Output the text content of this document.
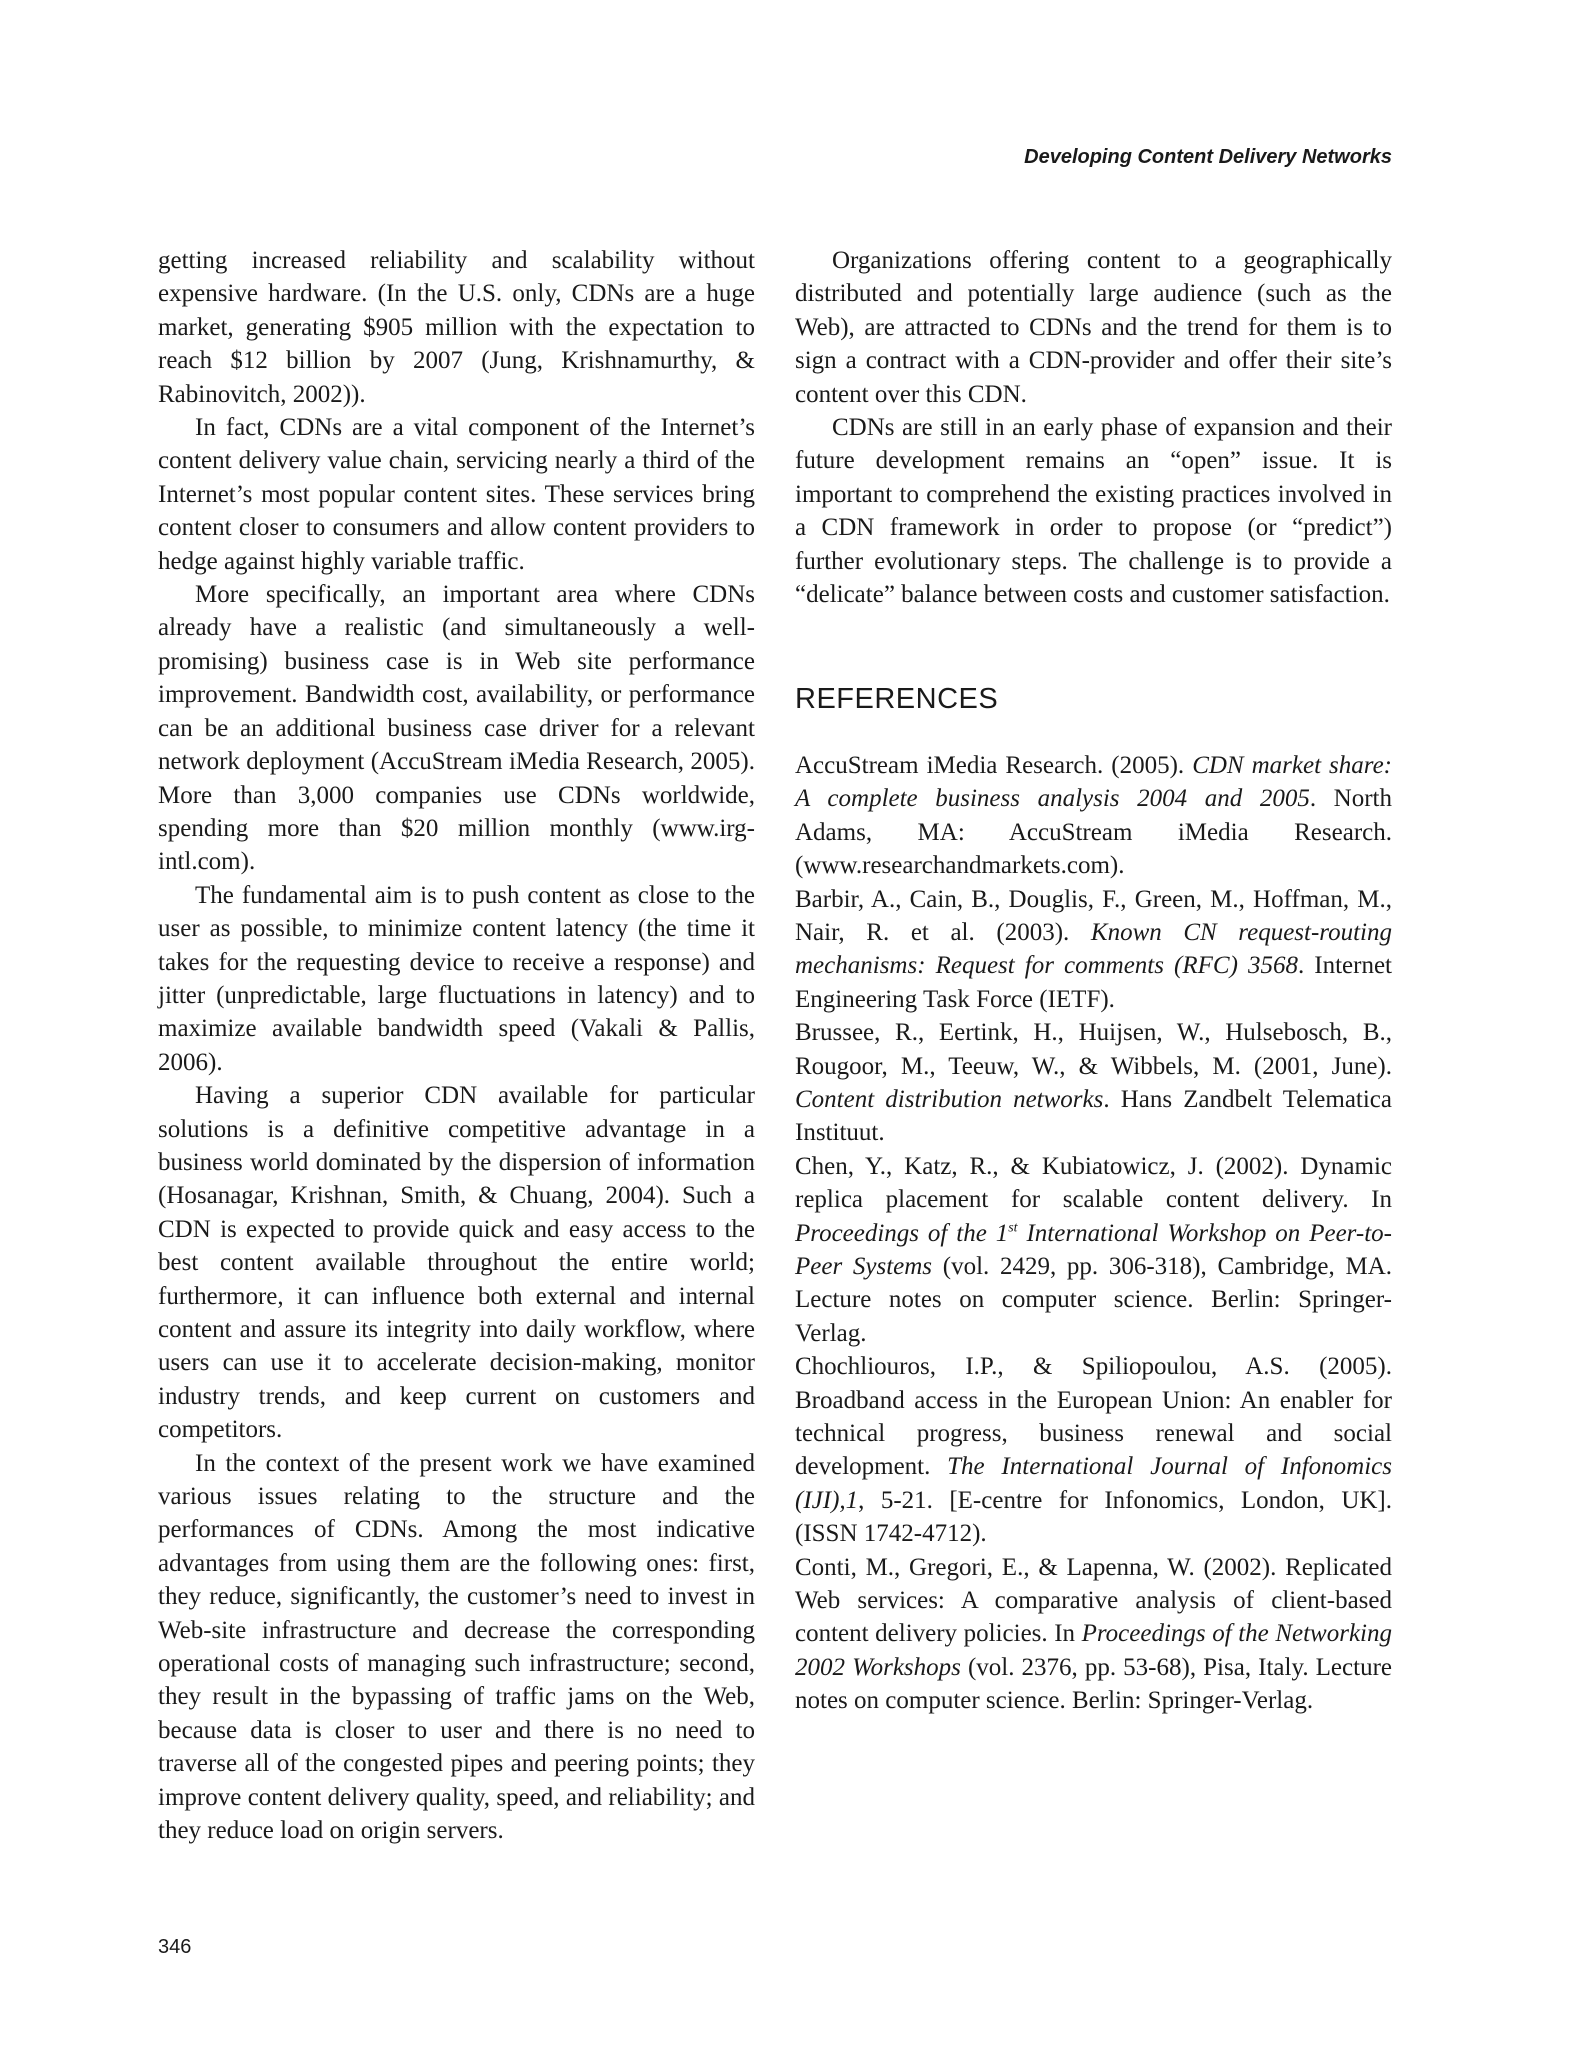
Developing Content Delivery Networks

getting increased reliability and scalability without expensive hardware. (In the U.S. only, CDNs are a huge market, generating $905 million with the expectation to reach $12 billion by 2007 (Jung, Krishnamurthy, & Rabinovitch, 2002)).

In fact, CDNs are a vital component of the Internet’s content delivery value chain, servicing nearly a third of the Internet’s most popular content sites. These services bring content closer to consumers and allow content providers to hedge against highly variable traffic.

More specifically, an important area where CDNs already have a realistic (and simultaneously a well-promising) business case is in Web site performance improvement. Bandwidth cost, availability, or performance can be an additional business case driver for a relevant network deployment (AccuStream iMedia Research, 2005). More than 3,000 companies use CDNs worldwide, spending more than $20 million monthly (www.irg-intl.com).

The fundamental aim is to push content as close to the user as possible, to minimize content latency (the time it takes for the requesting device to receive a response) and jitter (unpredictable, large fluctuations in latency) and to maximize available bandwidth speed (Vakali & Pallis, 2006).

Having a superior CDN available for particular solutions is a definitive competitive advantage in a business world dominated by the dispersion of information (Hosanagar, Krishnan, Smith, & Chuang, 2004). Such a CDN is expected to provide quick and easy access to the best content available throughout the entire world; furthermore, it can influence both external and internal content and assure its integrity into daily workflow, where users can use it to accelerate decision-making, monitor industry trends, and keep current on customers and competitors.

In the context of the present work we have examined various issues relating to the structure and the performances of CDNs. Among the most indicative advantages from using them are the following ones: first, they reduce, significantly, the customer’s need to invest in Web-site infrastructure and decrease the corresponding operational costs of managing such infrastructure; second, they result in the bypassing of traffic jams on the Web, because data is closer to user and there is no need to traverse all of the congested pipes and peering points; they improve content delivery quality, speed, and reliability; and they reduce load on origin servers.

Organizations offering content to a geographically distributed and potentially large audience (such as the Web), are attracted to CDNs and the trend for them is to sign a contract with a CDN-provider and offer their site’s content over this CDN.

CDNs are still in an early phase of expansion and their future development remains an “open” issue. It is important to comprehend the existing practices involved in a CDN framework in order to propose (or “predict”) further evolutionary steps. The challenge is to provide a “delicate” balance between costs and customer satisfaction.

REFERENCES

AccuStream iMedia Research. (2005). CDN market share: A complete business analysis 2004 and 2005. North Adams, MA: AccuStream iMedia Research. (www.researchandmarkets.com).

Barbir, A., Cain, B., Douglis, F., Green, M., Hoffman, M., Nair, R. et al. (2003). Known CN request-routing mechanisms: Request for comments (RFC) 3568. Internet Engineering Task Force (IETF).

Brussee, R., Eertink, H., Huijsen, W., Hulsebosch, B., Rougoor, M., Teeuw, W., & Wibbels, M. (2001, June). Content distribution networks. Hans Zandbelt Telematica Instituut.

Chen, Y., Katz, R., & Kubiatowicz, J. (2002). Dynamic replica placement for scalable content delivery. In Proceedings of the 1st International Workshop on Peer-to-Peer Systems (vol. 2429, pp. 306-318), Cambridge, MA. Lecture notes on computer science. Berlin: Springer-Verlag.

Chochliouros, I.P., & Spiliopoulou, A.S. (2005). Broadband access in the European Union: An enabler for technical progress, business renewal and social development. The International Journal of Infonomics (IJI),1, 5-21. [E-centre for Infonomics, London, UK]. (ISSN 1742-4712).

Conti, M., Gregori, E., & Lapenna, W. (2002). Replicated Web services: A comparative analysis of client-based content delivery policies. In Proceedings of the Networking 2002 Workshops (vol. 2376, pp. 53-68), Pisa, Italy. Lecture notes on computer science. Berlin: Springer-Verlag.

346
